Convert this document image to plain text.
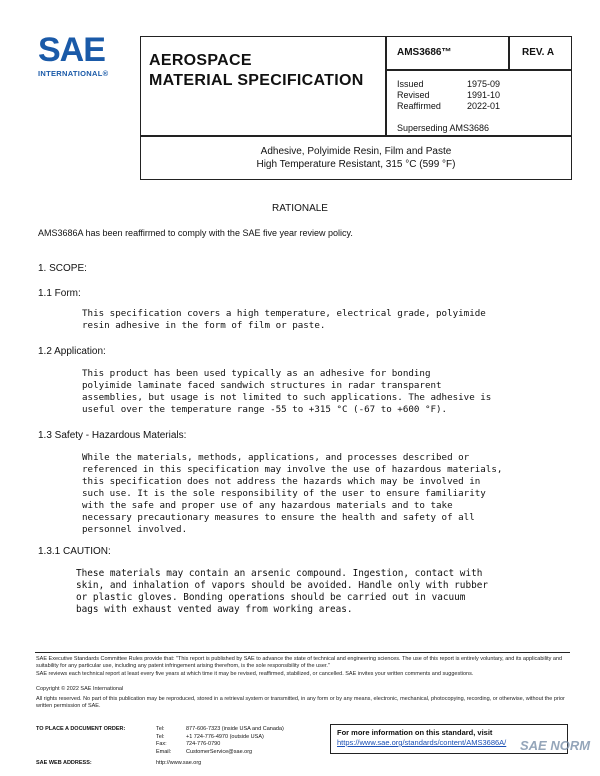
SAE
INTERNATIONAL®
AEROSPACE
MATERIAL SPECIFICATION
AMS3686™	REV. A
Issued	1975-09
Revised	1991-10
Reaffirmed	2022-01
Superseding AMS3686
Adhesive, Polyimide Resin, Film and Paste
High Temperature Resistant, 315 °C (599 °F)
RATIONALE
AMS3686A has been reaffirmed to comply with the SAE five year review policy.
1. SCOPE:
1.1 Form:
This specification covers a high temperature, electrical grade, polyimide
resin adhesive in the form of film or paste.
1.2 Application:
This product has been used typically as an adhesive for bonding
polyimide laminate faced sandwich structures in radar transparent
assemblies, but usage is not limited to such applications. The adhesive is
useful over the temperature range -55 to +315 °C (-67 to +600 °F).
1.3 Safety - Hazardous Materials:
While the materials, methods, applications, and processes described or
referenced in this specification may involve the use of hazardous materials,
this specification does not address the hazards which may be involved in
such use. It is the sole responsibility of the user to ensure familiarity
with the safe and proper use of any hazardous materials and to take
necessary precautionary measures to ensure the health and safety of all
personnel involved.
1.3.1 CAUTION:
These materials may contain an arsenic compound. Ingestion, contact with
skin, and inhalation of vapors should be avoided. Handle only with rubber
or plastic gloves. Bonding operations should be carried out in vacuum
bags with exhaust vented away from working areas.
SAE Executive Standards Committee Rules provide that: "This report is published by SAE to advance the state of technical and engineering sciences. The use of this report is entirely voluntary, and its applicability and suitability for any particular use, including any patent infringement arising therefrom, is the sole responsibility of the user."
SAE reviews each technical report at least every five years at which time it may be revised, reaffirmed, stabilized, or cancelled. SAE invites your written comments and suggestions.
Copyright © 2022 SAE International
All rights reserved. No part of this publication may be reproduced, stored in a retrieval system or transmitted, in any form or by any means, electronic, mechanical, photocopying, recording, or otherwise, without the prior written permission of SAE.
TO PLACE A DOCUMENT ORDER:	Tel:	877-606-7323 (inside USA and Canada)
Tel:	+1 724-776-4970 (outside USA)
Fax:	724-776-0790
Email:	CustomerService@sae.org
SAE WEB ADDRESS:	http://www.sae.org
For more information on this standard, visit
https://www.sae.org/standards/content/AMS3686A/	SAE NORM
